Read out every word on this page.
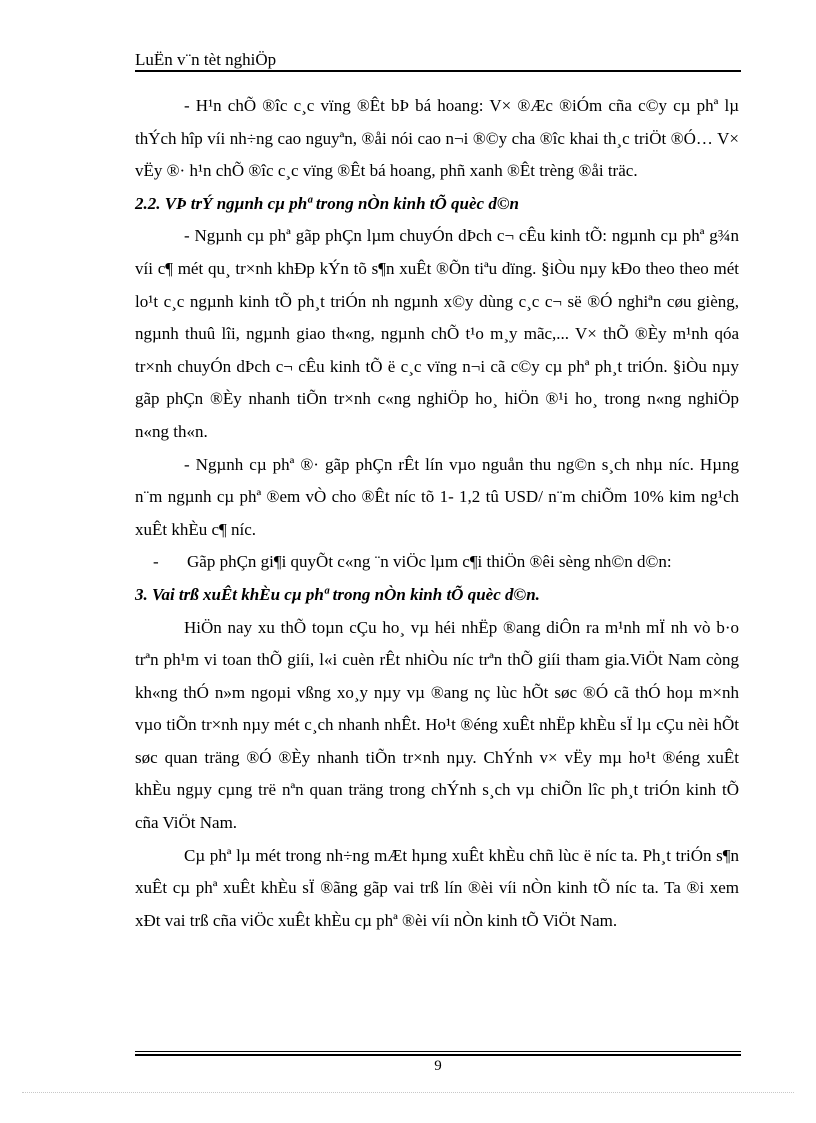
LuËn v¨n tèt nghiÖp

- H¹n chÕ ®îc c¸c vïng ®Êt bÞ bá hoang: V× ®Æc ®iÓm cña c©y cµ phª lµ thÝch hîp víi nh÷ng cao nguyªn, ®åi nói cao n¬i ®©y cha ®îc khai th¸c triÖt ®Ó… V× vËy ®· h¹n chÕ ®îc c¸c vïng ®Êt bá hoang, phñ xanh ®Êt trèng ®åi träc.

2.2. VÞ trÝ ngµnh cµ phª trong nÒn kinh tÕ quèc d©n

- Ngµnh cµ phª gãp phÇn lµm chuyÓn dÞch c¬ cÊu kinh tÕ: ngµnh cµ phª g¾n víi c¶ mét qu¸ tr×nh khÐp kÝn tõ s¶n xuÊt ®Õn tiªu dïng. §iÒu nµy kÐo theo theo mét lo¹t c¸c ngµnh kinh tÕ ph¸t triÓn nh ngµnh x©y dùng c¸c c¬ së ®Ó nghiªn cøu gièng, ngµnh thuû lîi, ngµnh giao th«ng, ngµnh chÕ t¹o m¸y mãc,... V× thÕ ®Èy m¹nh qóa tr×nh chuyÓn dÞch c¬ cÊu kinh tÕ ë c¸c vïng n¬i cã c©y cµ phª ph¸t triÓn. §iÒu nµy gãp phÇn ®Èy nhanh tiÕn tr×nh c«ng nghiÖp ho¸ hiÖn ®¹i ho¸ trong n«ng nghiÖp n«ng th«n.

- Ngµnh cµ phª ®· gãp phÇn rÊt lín vµo nguån thu ng©n s¸ch nhµ níc. Hµng n¨m ngµnh cµ phª ®em vÒ cho ®Êt níc tõ 1- 1,2 tû USD/ n¨m chiÕm 10% kim ng¹ch xuÊt khÈu c¶ níc.

-	Gãp phÇn gi¶i quyÕt c«ng ¨n viÖc lµm c¶i thiÖn ®êi sèng nh©n d©n:

3. Vai trß xuÊt khÈu cµ phª trong nÒn kinh tÕ quèc d©n.

HiÖn nay xu thÕ toµn cÇu ho¸ vµ héi nhËp ®ang diÔn ra m¹nh mÏ nh vò b·o trªn ph¹m vi toan thÕ giíi, l«i cuèn rÊt nhiÒu níc trªn thÕ giíi tham gia.ViÖt Nam còng kh«ng thÓ n»m ngoµi vßng xo¸y nµy vµ ®ang nç lùc hÕt søc ®Ó cã thÓ hoµ m×nh vµo tiÕn tr×nh nµy mét c¸ch nhanh nhÊt. Ho¹t ®éng xuÊt nhËp khÈu sÏ lµ cÇu nèi hÕt søc quan träng ®Ó ®Èy nhanh tiÕn tr×nh nµy. ChÝnh v× vËy mµ ho¹t ®éng xuÊt khÈu ngµy cµng trë nªn quan träng trong chÝnh s¸ch vµ chiÕn lîc ph¸t triÓn kinh tÕ cña ViÖt Nam.

Cµ phª lµ mét trong nh÷ng mÆt hµng xuÊt khÈu chñ lùc ë níc ta. Ph¸t triÓn s¶n xuÊt cµ phª xuÊt khÈu sÏ ®ãng gãp vai trß lín ®èi víi nÒn kinh tÕ níc ta. Ta ®i xem xÐt vai trß cña viÖc xuÊt khÈu cµ phª ®èi víi nÒn kinh tÕ ViÖt Nam.

9
